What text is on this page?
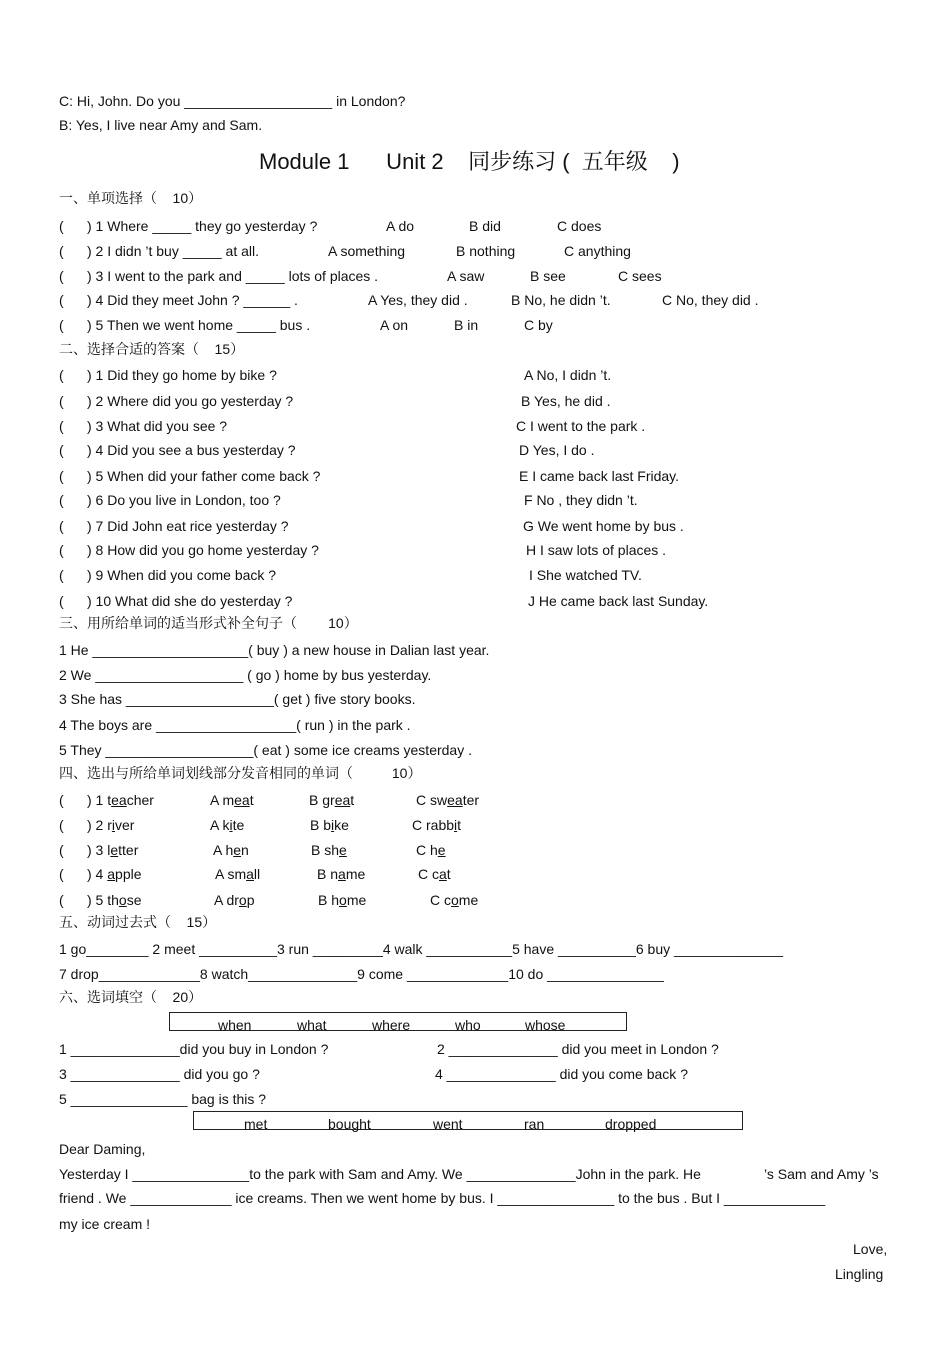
C: Hi, John. Do you ___________________ in London?
B: Yes, I live near Amy and Sam.
Module 1      Unit 2    同步练习 (  五年级    )
一、单项选择（    10）
(      ) 1 Where _____ they go yesterday ?	A do	B did	C does
(      ) 2 I didn ’t buy _____ at all.	A something	B nothing	C anything
(      ) 3 I went to the park and _____ lots of places .	A saw	B see	C sees
(      ) 4 Did they meet John ? ______ .	A Yes, they did .	B No, he didn ’t.	C No, they did .
(      ) 5 Then we went home _____ bus .	A on	B in	C by
二、选择合适的答案（    15）
(      ) 1 Did they go home by bike ?	A No, I didn ’t.
(      ) 2 Where did you go yesterday ?	B Yes, he did .
(      ) 3 What did you see ?	C I went to the park .
(      ) 4 Did you see a bus yesterday ?	D Yes, I do .
(      ) 5 When did your father come back ?	E I came back last Friday.
(      ) 6 Do you live in London, too ?	F No , they didn ’t.
(      ) 7 Did John eat rice yesterday ?	G We went home by bus .
(      ) 8 How did you go home yesterday ?	H I saw lots of places .
(      ) 9 When did you come back ?	I She watched TV.
(      ) 10 What did she do yesterday ?	J He came back last Sunday.
三、用所给单词的适当形式补全句子（        10）
1 He ____________________( buy ) a new house in Dalian last year.
2 We ___________________ ( go ) home by bus yesterday.
3 She has ___________________( get ) five story books.
4 The boys are __________________( run ) in the park .
5 They ___________________( eat ) some ice creams yesterday .
四、选出与所给单词划线部分发音相同的单词（          10）
(      ) 1 teacher	A meat	B great	C sweater
(      ) 2 river	A kite	B bike	C rabbit
(      ) 3 letter	A hen	B she	C he
(      ) 4 apple	A small	B name	C cat
(      ) 5 those	A drop	B home	C come
五、动词过去式（    15）
1 go________ 2 meet __________3 run _________4 walk ___________5 have __________6 buy ______________
7 drop_____________8 watch______________9 come _____________10 do _______________
六、选词填空（    20）
when	what	where	who	whose
1 ______________did you buy in London ?	2 ______________ did you meet in London ?
3 ______________ did you go ?	4 ______________ did you come back ?
5 _______________ bag is this ?
met	bought	went	ran	dropped
Dear Daming,
Yesterday I _______________to the park with Sam and Amy. We ______________John in the park. He	’s Sam and Amy ’s
friend . We _____________ ice creams. Then we went home by bus. I _______________ to the bus . But I _____________
my ice cream !
Love,
Lingling
